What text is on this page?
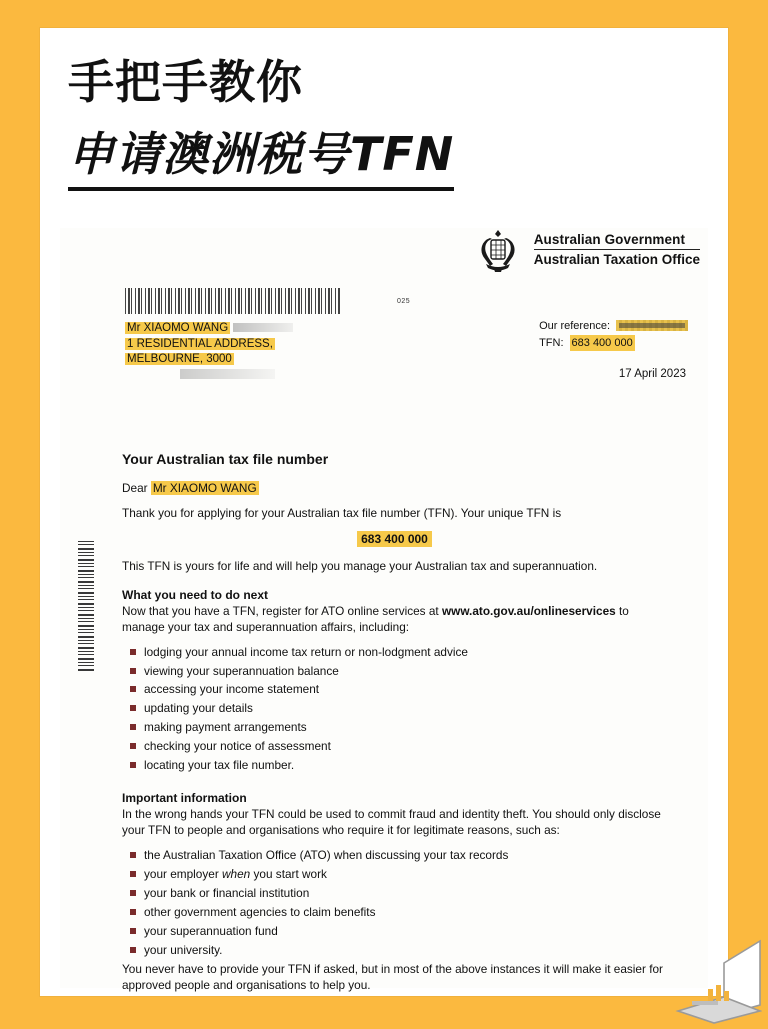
手把手教你
申请澳洲税号TFN
Australian Government
Australian Taxation Office
025
Mr XIAOMO WANG
1 RESIDENTIAL ADDRESS,
MELBOURNE, 3000
Our reference:
TFN: 683 400 000
17 April 2023
Your Australian tax file number

Dear Mr XIAOMO WANG

Thank you for applying for your Australian tax file number (TFN). Your unique TFN is

683 400 000

This TFN is yours for life and will help you manage your Australian tax and superannuation.

What you need to do next

Now that you have a TFN, register for ATO online services at www.ato.gov.au/onlineservices to manage your tax and superannuation affairs, including:

lodging your annual income tax return or non-lodgment advice
viewing your superannuation balance
accessing your income statement
updating your details
making payment arrangements
checking your notice of assessment
locating your tax file number.
Important information

In the wrong hands your TFN could be used to commit fraud and identity theft. You should only disclose your TFN to people and organisations who require it for legitimate reasons, such as:

the Australian Taxation Office (ATO) when discussing your tax records
your employer when you start work
your bank or financial institution
other government agencies to claim benefits
your superannuation fund
your university.

You never have to provide your TFN if asked, but in most of the above instances it will make it easier for approved people and organisations to help you.
